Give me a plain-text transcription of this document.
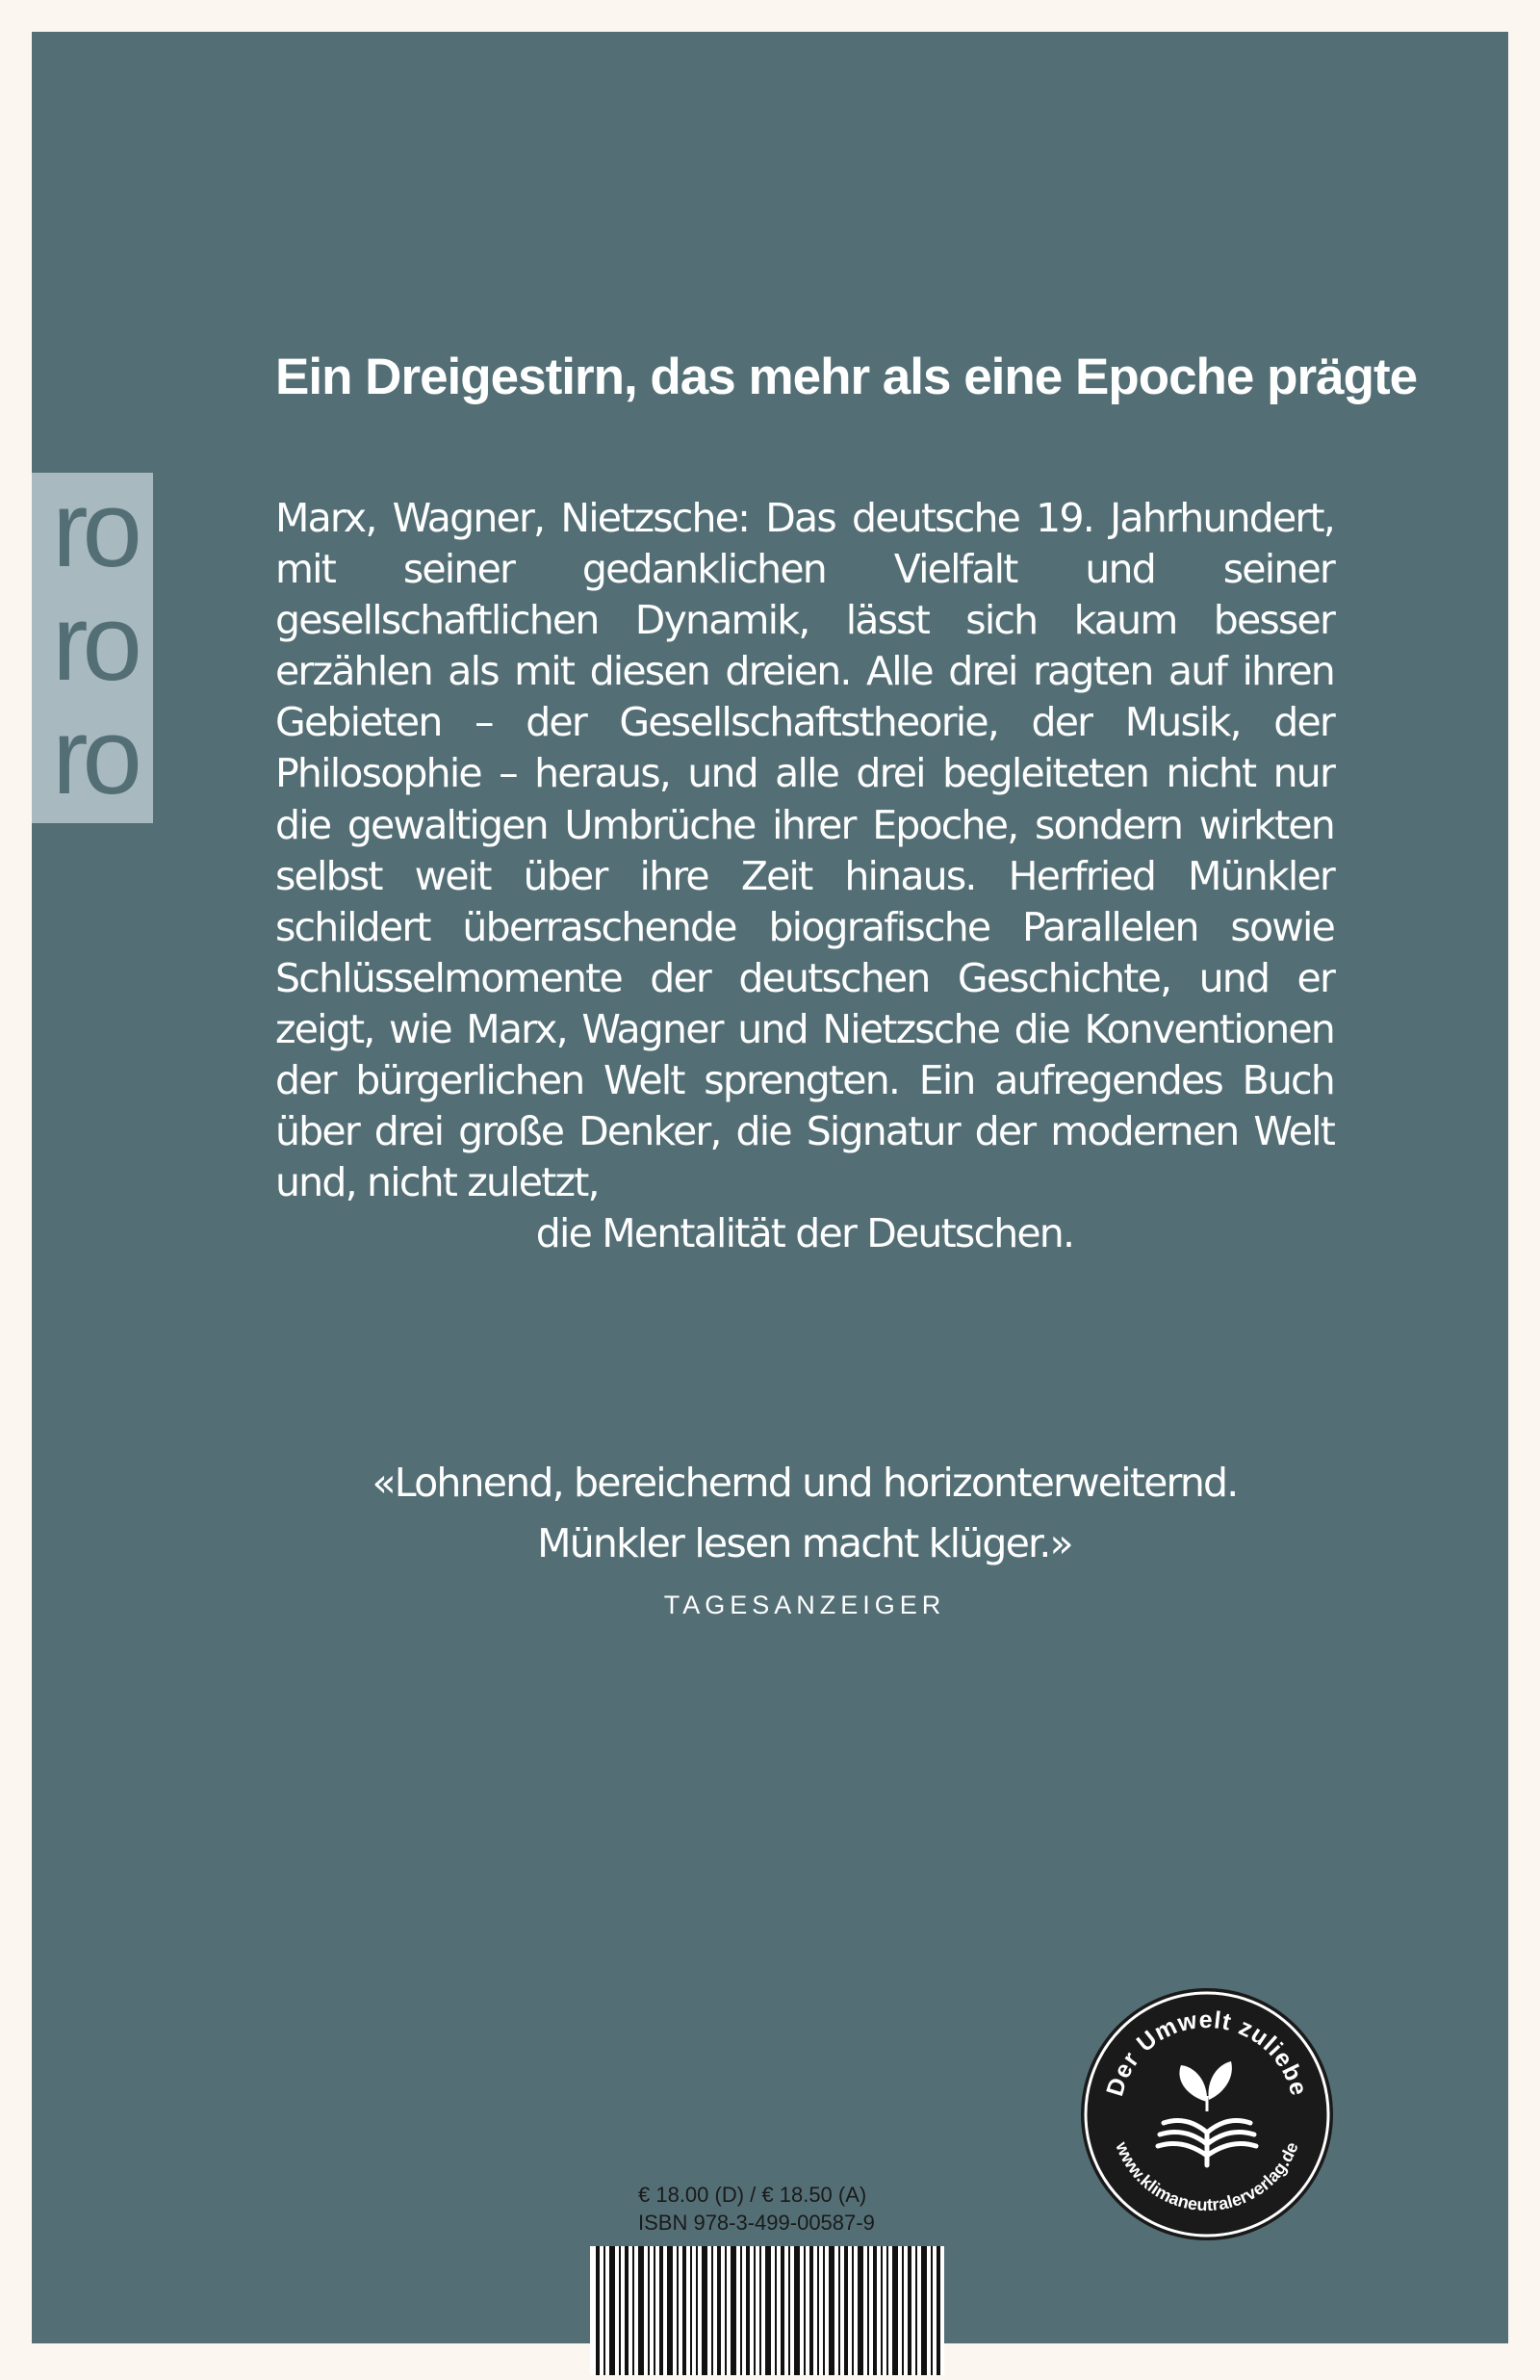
ro
ro
ro
Ein Dreigestirn, das mehr als eine Epoche prägte
Marx, Wagner, Nietzsche: Das deutsche 19. Jahrhundert, mit seiner gedanklichen Vielfalt und seiner gesellschaftlichen Dynamik, lässt sich kaum besser erzählen als mit diesen dreien. Alle drei ragten auf ihren Gebieten – der Gesellschaftstheorie, der Musik, der Philosophie – heraus, und alle drei begleiteten nicht nur die gewaltigen Umbrüche ihrer Epoche, sondern wirkten selbst weit über ihre Zeit hinaus. Herfried Münkler schildert überraschende biografische Parallelen sowie Schlüsselmomente der deutschen Geschichte, und er zeigt, wie Marx, Wagner und Nietzsche die Konventionen der bürgerlichen Welt sprengten. Ein aufregendes Buch über drei große Denker, die Signatur der modernen Welt und, nicht zuletzt,
die Mentalität der Deutschen.
«Lohnend, bereichernd und horizonterweiternd.
Münkler lesen macht klüger.»
TAGESANZEIGER
Der Umwelt zuliebe
www.klimaneutralerverlag.de
€ 18.00 (D) / € 18.50 (A)
ISBN 978-3-499-00587-9
